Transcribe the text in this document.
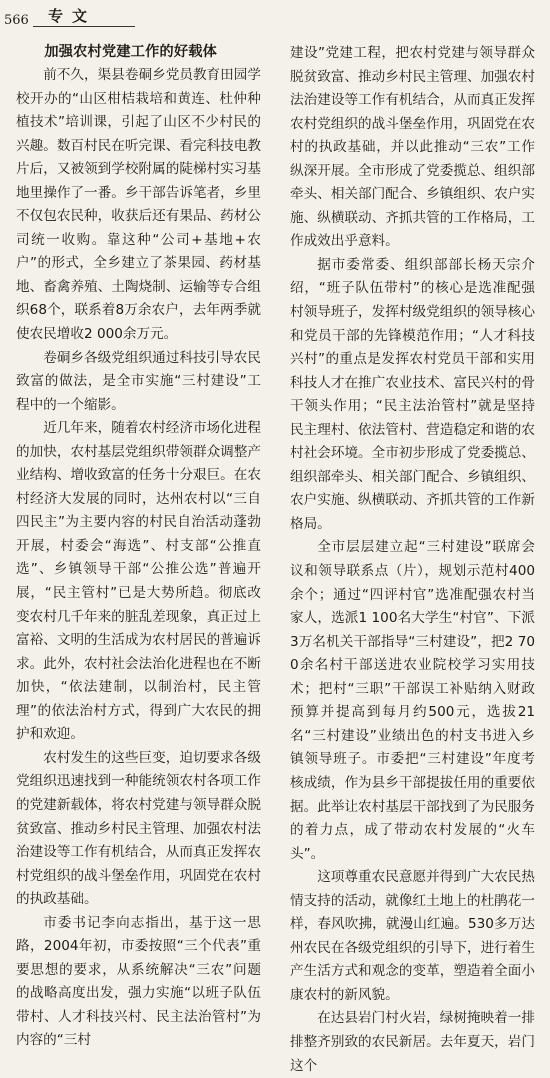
566 专文

加强农村党建工作的好载体

前不久，渠县卷硐乡党员教育田园学校开办的“山区柑桔栽培和黄连、杜仲种植技术”培训课，引起了山区不少村民的兴趣。数百村民在听完课、看完科技电教片后，又被领到学校附属的陡梯村实习基地里操作了一番。乡干部告诉笔者，乡里不仅包农民种，收获后还有果品、药材公司统一收购。靠这种“公司+基地+农户”的形式，全乡建立了茶果园、药材基地、畜禽养殖、土陶烧制、运输等专合组织68个，联系着8万余农户，去年两季就使农民增收2 000余万元。

卷硐乡各级党组织通过科技引导农民致富的做法，是全市实施“三村建设”工程中的一个缩影。

近几年来，随着农村经济市场化进程的加快，农村基层党组织带领群众调整产业结构、增收致富的任务十分艰巨。在农村经济大发展的同时，达州农村以“三自四民主”为主要内容的村民自治活动蓬勃开展，村委会“海选”、村支部“公推直选”、乡镇领导干部“公推公选”普遍开展，“民主管村”已是大势所趋。彻底改变农村几千年来的脏乱差现象，真正过上富裕、文明的生活成为农村居民的普遍诉求。此外，农村社会法治化进程也在不断加快，“依法建制，以制治村，民主管理”的依法治村方式，得到广大农民的拥护和欢迎。

农村发生的这些巨变，迫切要求各级党组织迅速找到一种能统领农村各项工作的党建新载体，将农村党建与领导群众脱贫致富、推动乡村民主管理、加强农村法治建设等工作有机结合，从而真正发挥农村党组织的战斗堡垒作用，巩固党在农村的执政基础。

市委书记李向志指出，基于这一思路，2004年初，市委按照“三个代表”重要思想的要求，从系统解决“三农”问题的战略高度出发，强力实施“以班子队伍带村、人才科技兴村、民主法治管村”为内容的“三村

建设”党建工程，把农村党建与领导群众脱贫致富、推动乡村民主管理、加强农村法治建设等工作有机结合，从而真正发挥农村党组织的战斗堡垒作用，巩固党在农村的执政基础，并以此推动“三农”工作纵深开展。全市形成了党委揽总、组织部牵头、相关部门配合、乡镇组织、农户实施、纵横联动、齐抓共管的工作格局，工作成效出乎意料。

据市委常委、组织部部长杨天宗介绍，“班子队伍带村”的核心是选准配强村领导班子，发挥村级党组织的领导核心和党员干部的先锋模范作用；“人才科技兴村”的重点是发挥农村党员干部和实用科技人才在推广农业技术、富民兴村的骨干领头作用；“民主法治管村”就是坚持民主理村、依法管村、营造稳定和谐的农村社会环境。全市初步形成了党委揽总、组织部牵头、相关部门配合、乡镇组织、农户实施、纵横联动、齐抓共管的工作新格局。

全市层层建立起“三村建设”联席会议和领导联系点（片），规划示范村400余个；通过“四评村官”选准配强农村当家人，选派1 100名大学生“村官”、下派3万名机关干部指导“三村建设”，把2 700余名村干部送进农业院校学习实用技术；把村“三职”干部误工补贴纳入财政预算并提高到每月约500元，选拔21名“三村建设”业绩出色的村支书进入乡镇领导班子。市委把“三村建设”年度考核成绩，作为县乡干部提拔任用的重要依据。此举让农村基层干部找到了为民服务的着力点，成了带动农村发展的“火车头”。

这项尊重农民意愿并得到广大农民热情支持的活动，就像红土地上的杜鹃花一样，春风吹拂，就漫山红遍。530多万达州农民在各级党组织的引导下，进行着生产生活方式和观念的变革，塑造着全面小康农村的新风貌。

在达县岩门村火岩，绿树掩映着一排排整齐别致的农民新居。去年夏天，岩门这个
